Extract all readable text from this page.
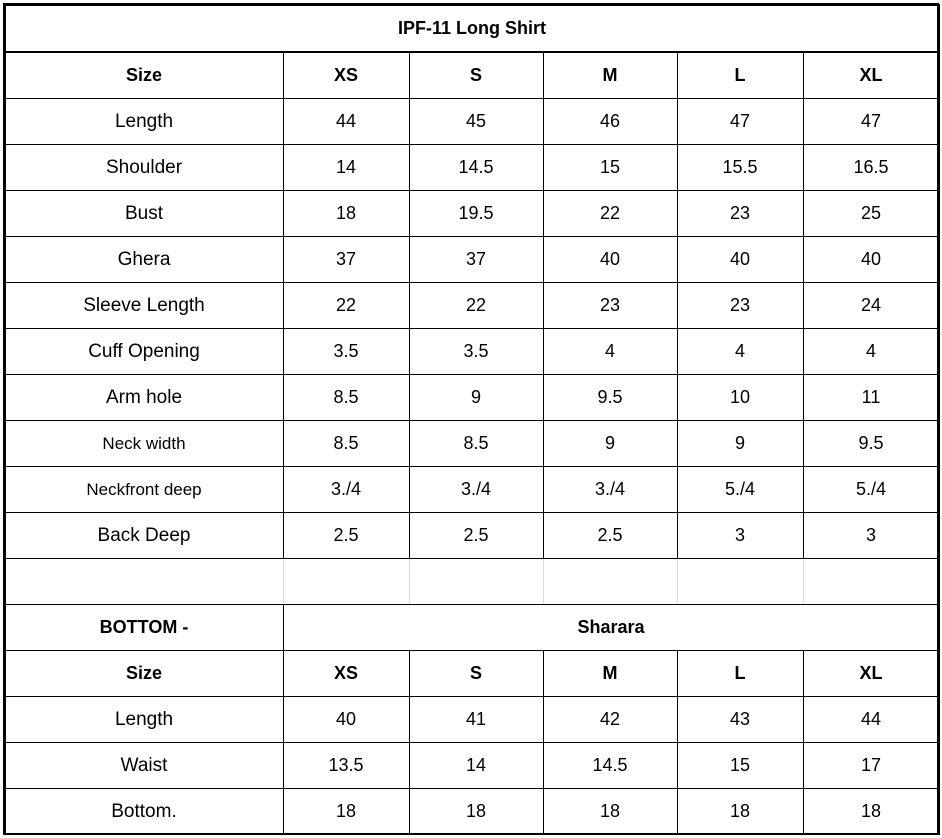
IPF-11 Long Shirt					
Size	XS	S	M	L	XL
Length	44	45	46	47	47
Shoulder	14	14.5	15	15.5	16.5
Bust	18	19.5	22	23	25
Ghera	37	37	40	40	40
Sleeve Length	22	22	23	23	24
Cuff Opening	3.5	3.5	4	4	4
Arm hole	8.5	9	9.5	10	11
Neck width	8.5	8.5	9	9	9.5
Neckfront deep	3./4	3./4	3./4	5./4	5./4
Back Deep	2.5	2.5	2.5	3	3

BOTTOM -	Sharara				
Size	XS	S	M	L	XL
Length	40	41	42	43	44
Waist	13.5	14	14.5	15	17
Bottom.	18	18	18	18	18
